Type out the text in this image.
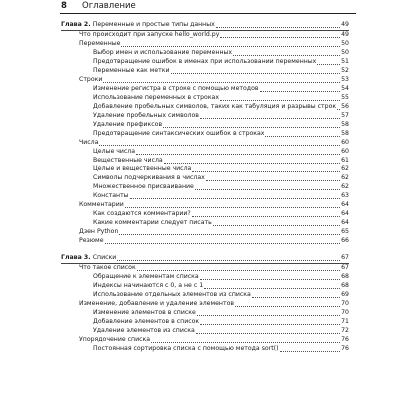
8 Оглавление
Глава 2. Переменные и простые типы данных	49
Что происходит при запуске hello_world.py	49
Переменные	50
Выбор имен и использование переменных	50
Предотвращение ошибок в именах при использовании переменных	51
Переменные как метки	52
Строки	53
Изменение регистра в строке с помощью методов	54
Использование переменных в строках	55
Добавление пробельных символов, таких как табуляция и разрывы строк 56
Удаление пробельных символов	57
Удаление префиксов	58
Предотвращение синтаксических ошибок в строках	58
Числа	60
Целые числа	60
Вещественные числа	61
Целые и вещественные числа	62
Символы подчеркивания в числах	62
Множественное присваивание	62
Константы	63
Комментарии	64
Как создаются комментарии?	64
Какие комментарии следует писать	64
Дзен Python	65
Резюме	66
Глава 3. Списки	67
Что такое список	67
Обращение к элементам списка	68
Индексы начинаются с 0, а не с 1	68
Использование отдельных элементов из списка	69
Изменение, добавление и удаление элементов	70
Изменение элементов в списке	70
Добавление элементов в список	71
Удаление элементов из списка	72
Упорядочение списка	76
Постоянная сортировка списка с помощью метода sort()	76
